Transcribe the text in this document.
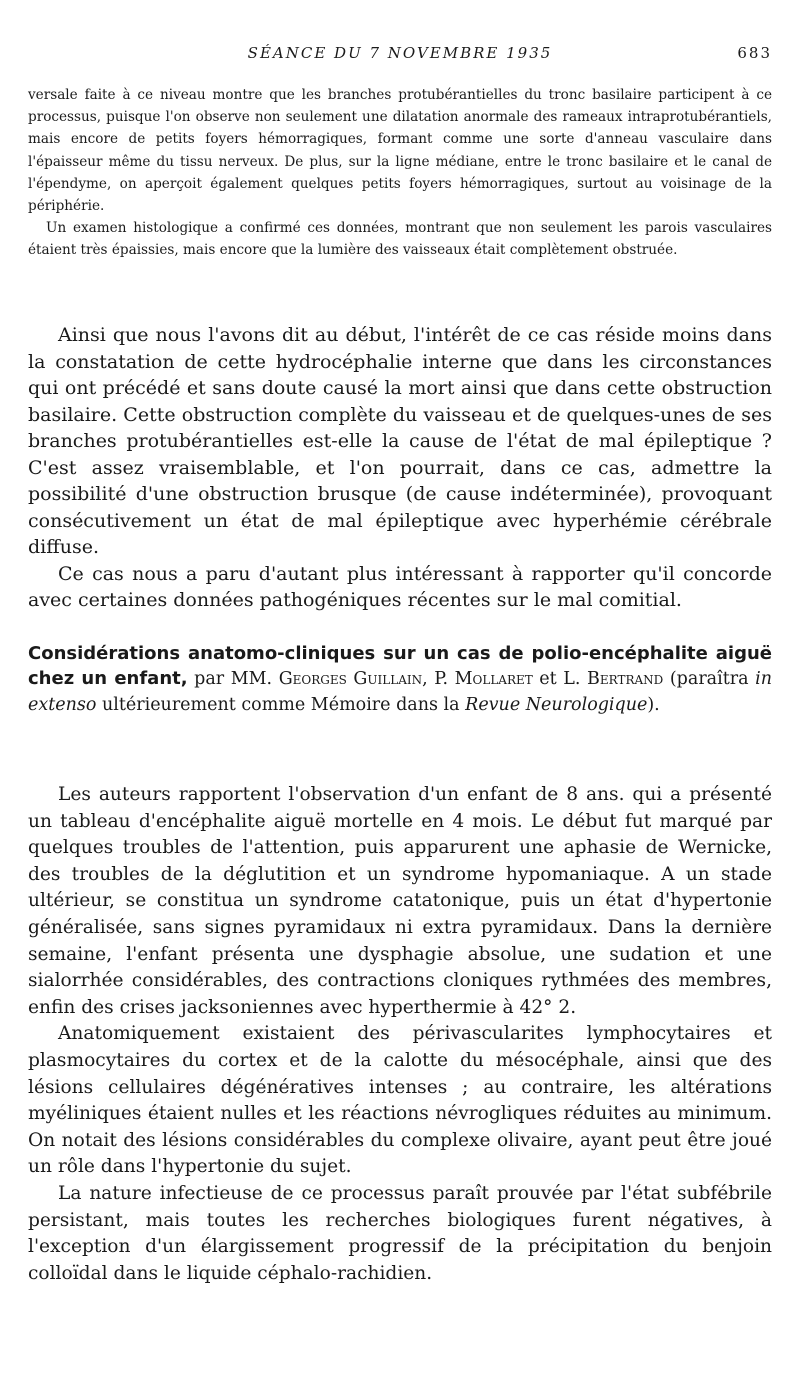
SÉANCE DU 7 NOVEMBRE 1935	683

versale faite à ce niveau montre que les branches protubérantielles du tronc basilaire participent à ce processus, puisque l'on observe non seulement une dilatation anormale des rameaux intraprotubérantiels, mais encore de petits foyers hémorragiques, formant comme une sorte d'anneau vasculaire dans l'épaisseur même du tissu nerveux. De plus, sur la ligne médiane, entre le tronc basilaire et le canal de l'épendyme, on aperçoit également quelques petits foyers hémorragiques, surtout au voisinage de la périphérie.

Un examen histologique a confirmé ces données, montrant que non seulement les parois vasculaires étaient très épaissies, mais encore que la lumière des vaisseaux était complètement obstruée.

Ainsi que nous l'avons dit au début, l'intérêt de ce cas réside moins dans la constatation de cette hydrocéphalie interne que dans les circonstances qui ont précédé et sans doute causé la mort ainsi que dans cette obstruction basilaire. Cette obstruction complète du vaisseau et de quelques-unes de ses branches protubérantielles est-elle la cause de l'état de mal épileptique ? C'est assez vraisemblable, et l'on pourrait, dans ce cas, admettre la possibilité d'une obstruction brusque (de cause indéterminée), provoquant consécutivement un état de mal épileptique avec hyperhémie cérébrale diffuse.

Ce cas nous a paru d'autant plus intéressant à rapporter qu'il concorde avec certaines données pathogéniques récentes sur le mal comitial.

Considérations anatomo-cliniques sur un cas de polio-encéphalite aiguë chez un enfant, par MM. Georges Guillain, P. Mollaret et L. Bertrand (paraîtra in extenso ultérieurement comme Mémoire dans la Revue Neurologique).

Les auteurs rapportent l'observation d'un enfant de 8 ans. qui a présenté un tableau d'encéphalite aiguë mortelle en 4 mois. Le début fut marqué par quelques troubles de l'attention, puis apparurent une aphasie de Wernicke, des troubles de la déglutition et un syndrome hypomaniaque. A un stade ultérieur, se constitua un syndrome catatonique, puis un état d'hypertonie généralisée, sans signes pyramidaux ni extra pyramidaux. Dans la dernière semaine, l'enfant présenta une dysphagie absolue, une sudation et une sialorrhée considérables, des contractions cloniques rythmées des membres, enfin des crises jacksoniennes avec hyperthermie à 42° 2.

Anatomiquement existaient des périvascularites lymphocytaires et plasmocytaires du cortex et de la calotte du mésocéphale, ainsi que des lésions cellulaires dégénératives intenses ; au contraire, les altérations myéliniques étaient nulles et les réactions névrogliques réduites au minimum. On notait des lésions considérables du complexe olivaire, ayant peut être joué un rôle dans l'hypertonie du sujet.

La nature infectieuse de ce processus paraît prouvée par l'état subfébrile persistant, mais toutes les recherches biologiques furent négatives, à l'exception d'un élargissement progressif de la précipitation du benjoin colloïdal dans le liquide céphalo-rachidien.
